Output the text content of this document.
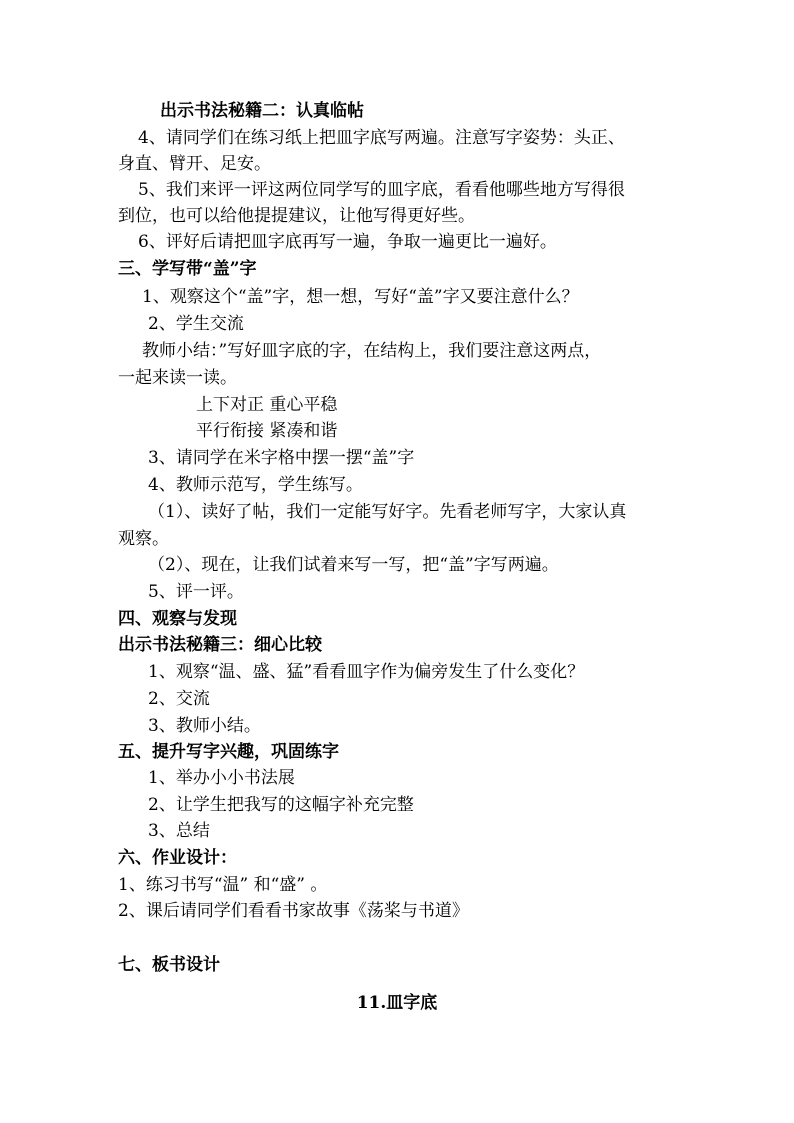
出示书法秘籍二：认真临帖
4、请同学们在练习纸上把皿字底写两遍。注意写字姿势：头正、
身直、臂开、足安。
5、我们来评一评这两位同学写的皿字底，看看他哪些地方写得很
到位，也可以给他提提建议，让他写得更好些。
6、评好后请把皿字底再写一遍，争取一遍更比一遍好。
三、学写带“盖”字
1、观察这个“盖”字，想一想，写好“盖”字又要注意什么？
2、学生交流
教师小结：”写好皿字底的字，在结构上，我们要注意这两点，
一起来读一读。
上下对正 重心平稳
平行衔接 紧凑和谐
3、请同学在米字格中摆一摆“盖”字
4、教师示范写，学生练写。
（1）、读好了帖，我们一定能写好字。先看老师写字，大家认真
观察。
（2）、现在，让我们试着来写一写，把“盖”字写两遍。
5、评一评。
四、观察与发现
出示书法秘籍三：细心比较
1、观察“温、盛、猛”看看皿字作为偏旁发生了什么变化？
2、交流
3、教师小结。
五、提升写字兴趣，巩固练字
1、举办小小书法展
2、让学生把我写的这幅字补充完整
3、总结
六、作业设计：
1、练习书写“温” 和“盛” 。
2、课后请同学们看看书家故事《荡桨与书道》
七、板书设计
11.皿字底
